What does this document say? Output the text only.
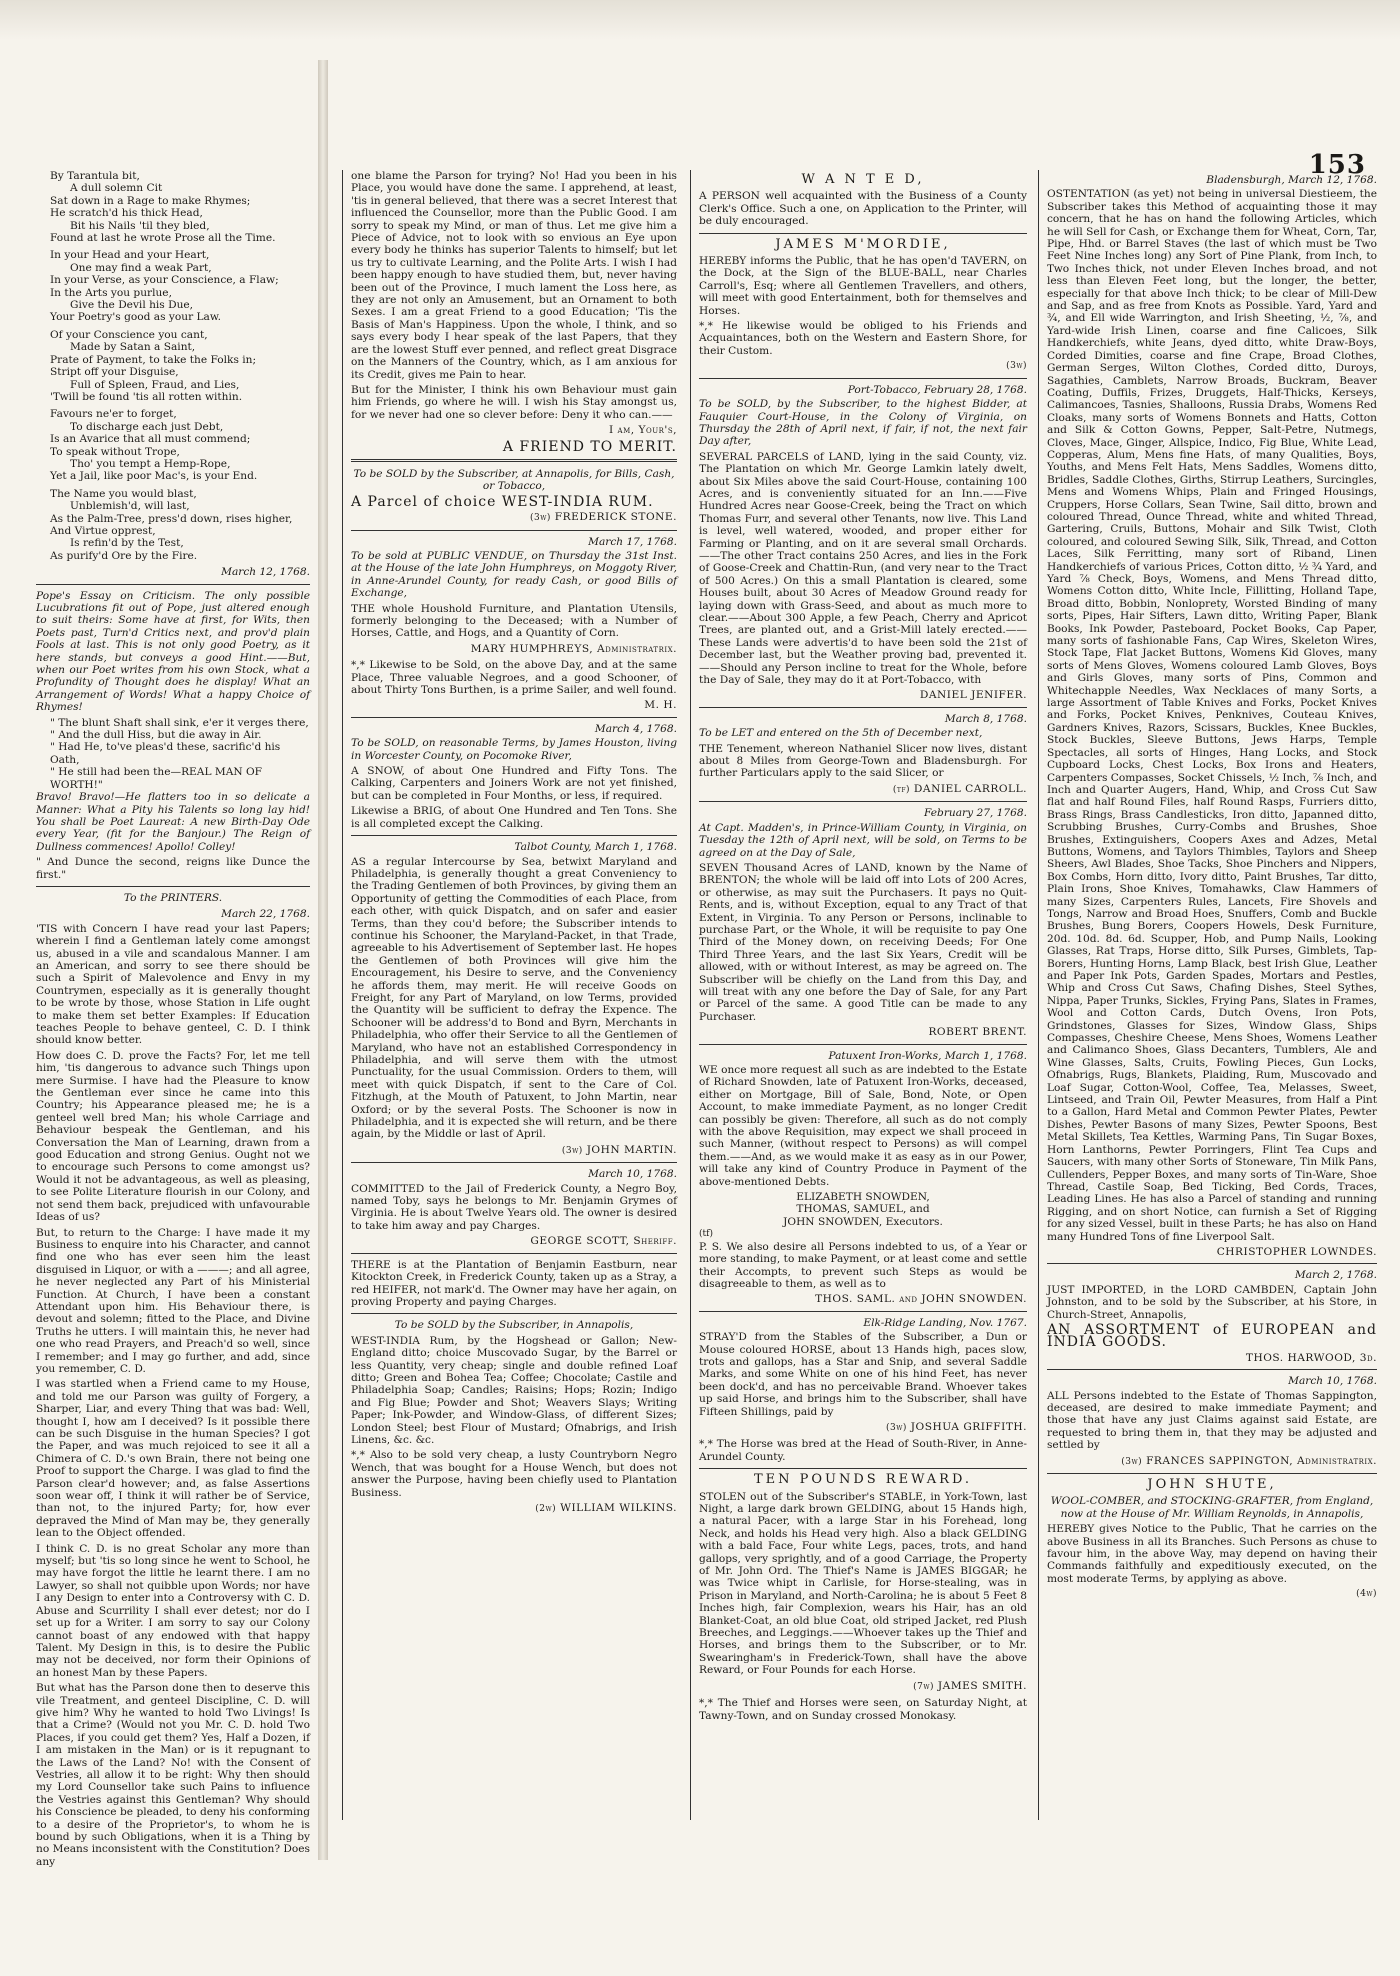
153
By Tarantula bit,
A dull solemn Cit
Sat down in a Rage to make Rhymes;
He scratch'd his thick Head,
Bit his Nails 'til they bled,
Found at last he wrote Prose all the Time.
In your Head and your Heart,
One may find a weak Part,
In your Verse, as your Conscience, a Flaw;
In the Arts you purlue,
Give the Devil his Due,
Your Poetry's good as your Law.
Of your Conscience you cant,
Made by Satan a Saint,
Prate of Payment, to take the Folks in;
Stript off your Disguise,
Full of Spleen, Fraud, and Lies,
'Twill be found 'tis all rotten within.
Favours ne'er to forget,
To discharge each just Debt,
Is an Avarice that all must commend;
To speak without Trope,
Tho' you tempt a Hemp-Rope,
Yet a Jail, like poor Mac's, is your End.
The Name you would blast,
Unblemish'd, will last,
As the Palm-Tree, press'd down, rises higher,
And Virtue opprest,
Is refin'd by the Test,
As purify'd Ore by the Fire.
March 12, 1768.

Pope's Essay on Criticism. The only possible Lucubrations fit out of Pope, just altered enough to suit theirs: Some have at first, for Wits, then Poets past, Turn'd Critics next, and prov'd plain Fools at last. This is not only good Poetry, as it here stands, but conveys a good Hint.——But, when our Poet writes from his own Stock, what a Profundity of Thought does he display! What an Arrangement of Words! What a happy Choice of Rhymes!

" The blunt Shaft shall sink, e'er it verges there,
" And the dull Hiss, but die away in Air.
" Had He, to've pleas'd these, sacrific'd his Oath,
" He still had been the—REAL MAN OF WORTH!"

Bravo! Bravo!—He flatters too in so delicate a Manner: What a Pity his Talents so long lay hid! You shall be Poet Laureat: A new Birth-Day Ode every Year, (fit for the Banjour.) The Reign of Dullness commences! Apollo! Colley!

" And Dunce the second, reigns like Dunce the first."

To the PRINTERS.
March 22, 1768.

'TIS with Concern I have read your last Papers; wherein I find a Gentleman lately come amongst us, abused in a vile and scandalous Manner. I am an American, and sorry to see there should be such a Spirit of Malevolence and Envy in my Countrymen, especially as it is generally thought to be wrote by those, whose Station in Life ought to make them set better Examples: If Education teaches People to behave genteel, C. D. I think should know better.

How does C. D. prove the Facts? For, let me tell him, 'tis dangerous to advance such Things upon mere Surmise. I have had the Pleasure to know the Gentleman ever since he came into this Country; his Appearance pleased me; he is a genteel well bred Man; his whole Carriage and Behaviour bespeak the Gentleman, and his Conversation the Man of Learning, drawn from a good Education and strong Genius. Ought not we to encourage such Persons to come amongst us? Would it not be advantageous, as well as pleasing, to see Polite Literature flourish in our Colony, and not send them back, prejudiced with unfavourable Ideas of us?

But, to return to the Charge: I have made it my Business to enquire into his Character, and cannot find one who has ever seen him the least disguised in Liquor, or with a ———; and all agree, he never neglected any Part of his Ministerial Function. At Church, I have been a constant Attendant upon him. His Behaviour there, is devout and solemn; fitted to the Place, and Divine Truths he utters. I will maintain this, he never had one who read Prayers, and Preach'd so well, since I remember; and I may go further, and add, since you remember, C. D.

I was startled when a Friend came to my House, and told me our Parson was guilty of Forgery, a Sharper, Liar, and every Thing that was bad: Well, thought I, how am I deceived? Is it possible there can be such Disguise in the human Species? I got the Paper, and was much rejoiced to see it all a Chimera of C. D.'s own Brain, there not being one Proof to support the Charge. I was glad to find the Parson clear'd however; and, as false Assertions soon wear off, I think it will rather be of Service, than not, to the injured Party; for, how ever depraved the Mind of Man may be, they generally lean to the Object offended.

I think C. D. is no great Scholar any more than myself; but 'tis so long since he went to School, he may have forgot the little he learnt there. I am no Lawyer, so shall not quibble upon Words; nor have I any Design to enter into a Controversy with C. D. Abuse and Scurrility I shall ever detest; nor do I set up for a Writer. I am sorry to say our Colony cannot boast of any endowed with that happy Talent. My Design in this, is to desire the Public may not be deceived, nor form their Opinions of an honest Man by these Papers.

But what has the Parson done then to deserve this vile Treatment, and genteel Discipline, C. D. will give him? Why he wanted to hold Two Livings! Is that a Crime? (Would not you Mr. C. D. hold Two Places, if you could get them? Yes, Half a Dozen, if I am mistaken in the Man) or is it repugnant to the Laws of the Land? No! with the Consent of Vestries, all allow it to be right: Why then should my Lord Counsellor take such Pains to influence the Vestries against this Gentleman? Why should his Conscience be pleaded, to deny his conforming to a desire of the Proprietor's, to whom he is bound by such Obligations, when it is a Thing by no Means inconsistent with the Constitution? Does any

one blame the Parson for trying? No! Had you been in his Place, you would have done the same. I apprehend, at least, 'tis in general believed, that there was a secret Interest that influenced the Counsellor, more than the Public Good. I am sorry to speak my Mind, or man of thus. Let me give him a Piece of Advice, not to look with so envious an Eye upon every body he thinks has superior Talents to himself; but let us try to cultivate Learning, and the Polite Arts. I wish I had been happy enough to have studied them, but, never having been out of the Province, I much lament the Loss here, as they are not only an Amusement, but an Ornament to both Sexes. I am a great Friend to a good Education; 'Tis the Basis of Man's Happiness. Upon the whole, I think, and so says every body I hear speak of the last Papers, that they are the lowest Stuff ever penned, and reflect great Disgrace on the Manners of the Country, which, as I am anxious for its Credit, gives me Pain to hear.

But for the Minister, I think his own Behaviour must gain him Friends, go where he will. I wish his Stay amongst us, for we never had one so clever before: Deny it who can.——

I am, Your's,
A FRIEND TO MERIT.

To be SOLD by the Subscriber, at Annapolis, for Bills, Cash, or Tobacco,

A Parcel of choice WEST-INDIA RUM.

(3w) FREDERICK STONE.
March 17, 1768.

To be sold at PUBLIC VENDUE, on Thursday the 31st Inst. at the House of the late John Humphreys, on Moggoty River, in Anne-Arundel County, for ready Cash, or good Bills of Exchange,

THE whole Houshold Furniture, and Plantation Utensils, formerly belonging to the Deceased; with a Number of Horses, Cattle, and Hogs, and a Quantity of Corn.

MARY HUMPHREYS, Administratrix.

*,* Likewise to be Sold, on the above Day, and at the same Place, Three valuable Negroes, and a good Schooner, of about Thirty Tons Burthen, is a prime Sailer, and well found.

M. H.
March 4, 1768.

To be SOLD, on reasonable Terms, by James Houston, living in Worcester County, on Pocomoke River,

A SNOW, of about One Hundred and Fifty Tons. The Calking, Carpenters and Joiners Work are not yet finished, but can be completed in Four Months, or less, if required.

Likewise a BRIG, of about One Hundred and Ten Tons. She is all completed except the Calking.

Talbot County, March 1, 1768.

AS a regular Intercourse by Sea, betwixt Maryland and Philadelphia, is generally thought a great Conveniency to the Trading Gentlemen of both Provinces, by giving them an Opportunity of getting the Commodities of each Place, from each other, with quick Dispatch, and on safer and easier Terms, than they cou'd before; the Subscriber intends to continue his Schooner, the Maryland-Packet, in that Trade, agreeable to his Advertisement of September last. He hopes the Gentlemen of both Provinces will give him the Encouragement, his Desire to serve, and the Conveniency he affords them, may merit. He will receive Goods on Freight, for any Part of Maryland, on low Terms, provided the Quantity will be sufficient to defray the Expence. The Schooner will be address'd to Bond and Byrn, Merchants in Philadelphia, who offer their Service to all the Gentlemen of Maryland, who have not an established Correspondency in Philadelphia, and will serve them with the utmost Punctuality, for the usual Commission. Orders to them, will meet with quick Dispatch, if sent to the Care of Col. Fitzhugh, at the Mouth of Patuxent, to John Martin, near Oxford; or by the several Posts. The Schooner is now in Philadelphia, and it is expected she will return, and be there again, by the Middle or last of April.

(3w) JOHN MARTIN.
March 10, 1768.

COMMITTED to the Jail of Frederick County, a Negro Boy, named Toby, says he belongs to Mr. Benjamin Grymes of Virginia. He is about Twelve Years old. The owner is desired to take him away and pay Charges.

GEORGE SCOTT, Sheriff.

THERE is at the Plantation of Benjamin Eastburn, near Kitockton Creek, in Frederick County, taken up as a Stray, a red HEIFER, not mark'd. The Owner may have her again, on proving Property and paying Charges.

To be SOLD by the Subscriber, in Annapolis,

WEST-INDIA Rum, by the Hogshead or Gallon; New-England ditto; choice Muscovado Sugar, by the Barrel or less Quantity, very cheap; single and double refined Loaf ditto; Green and Bohea Tea; Coffee; Chocolate; Castile and Philadelphia Soap; Candles; Raisins; Hops; Rozin; Indigo and Fig Blue; Powder and Shot; Weavers Slays; Writing Paper; Ink-Powder, and Window-Glass, of different Sizes; London Steel; best Flour of Mustard; Ofnabrigs, and Irish Linens, &c. &c.

*,* Also to be sold very cheap, a lusty Countryborn Negro Wench, that was bought for a House Wench, but does not answer the Purpose, having been chiefly used to Plantation Business.

(2w) WILLIAM WILKINS.
W A N T E D,

A PERSON well acquainted with the Business of a County Clerk's Office. Such a one, on Application to the Printer, will be duly encouraged.

JAMES M'MORDIE,

HEREBY informs the Public, that he has open'd TAVERN, on the Dock, at the Sign of the BLUE-BALL, near Charles Carroll's, Esq; where all Gentlemen Travellers, and others, will meet with good Entertainment, both for themselves and Horses.

*,* He likewise would be obliged to his Friends and Acquaintances, both on the Western and Eastern Shore, for their Custom.

(3w)
Port-Tobacco, February 28, 1768.

To be SOLD, by the Subscriber, to the highest Bidder, at Fauquier Court-House, in the Colony of Virginia, on Thursday the 28th of April next, if fair, if not, the next fair Day after,

SEVERAL PARCELS of LAND, lying in the said County, viz. The Plantation on which Mr. George Lamkin lately dwelt, about Six Miles above the said Court-House, containing 100 Acres, and is conveniently situated for an Inn.——Five Hundred Acres near Goose-Creek, being the Tract on which Thomas Furr, and several other Tenants, now live. This Land is level, well watered, wooded, and proper either for Farming or Planting, and on it are several small Orchards.——The other Tract contains 250 Acres, and lies in the Fork of Goose-Creek and Chattin-Run, (and very near to the Tract of 500 Acres.) On this a small Plantation is cleared, some Houses built, about 30 Acres of Meadow Ground ready for laying down with Grass-Seed, and about as much more to clear.——About 300 Apple, a few Peach, Cherry and Apricot Trees, are planted out, and a Grist-Mill lately erected.——These Lands were advertis'd to have been sold the 21st of December last, but the Weather proving bad, prevented it.——Should any Person incline to treat for the Whole, before the Day of Sale, they may do it at Port-Tobacco, with

DANIEL JENIFER.
March 8, 1768.

To be LET and entered on the 5th of December next,

THE Tenement, whereon Nathaniel Slicer now lives, distant about 8 Miles from George-Town and Bladensburgh. For further Particulars apply to the said Slicer, or

(tf) DANIEL CARROLL.
February 27, 1768.

At Capt. Madden's, in Prince-William County, in Virginia, on Tuesday the 12th of April next, will be sold, on Terms to be agreed on at the Day of Sale,

SEVEN Thousand Acres of LAND, known by the Name of BRENTON; the whole will be laid off into Lots of 200 Acres, or otherwise, as may suit the Purchasers. It pays no Quit-Rents, and is, without Exception, equal to any Tract of that Extent, in Virginia. To any Person or Persons, inclinable to purchase Part, or the Whole, it will be requisite to pay One Third of the Money down, on receiving Deeds; For One Third Three Years, and the last Six Years, Credit will be allowed, with or without Interest, as may be agreed on. The Subscriber will be chiefly on the Land from this Day, and will treat with any one before the Day of Sale, for any Part or Parcel of the same. A good Title can be made to any Purchaser.

ROBERT BRENT.
Patuxent Iron-Works, March 1, 1768.

WE once more request all such as are indebted to the Estate of Richard Snowden, late of Patuxent Iron-Works, deceased, either on Mortgage, Bill of Sale, Bond, Note, or Open Account, to make immediate Payment, as no longer Credit can possibly be given: Therefore, all such as do not comply with the above Requisition, may expect we shall proceed in such Manner, (without respect to Persons) as will compel them.——And, as we would make it as easy as in our Power, will take any kind of Country Produce in Payment of the above-mentioned Debts.

ELIZABETH SNOWDEN,
THOMAS, SAMUEL, and
JOHN SNOWDEN, Executors.
(tf)

P. S. We also desire all Persons indebted to us, of a Year or more standing, to make Payment, or at least come and settle their Accompts, to prevent such Steps as would be disagreeable to them, as well as to

THOS. SAML. and JOHN SNOWDEN.
Elk-Ridge Landing, Nov. 1767.

STRAY'D from the Stables of the Subscriber, a Dun or Mouse coloured HORSE, about 13 Hands high, paces slow, trots and gallops, has a Star and Snip, and several Saddle Marks, and some White on one of his hind Feet, has never been dock'd, and has no perceivable Brand. Whoever takes up said Horse, and brings him to the Subscriber, shall have Fifteen Shillings, paid by

(3w) JOSHUA GRIFFITH.

*,* The Horse was bred at the Head of South-River, in Anne-Arundel County.

TEN POUNDS REWARD.

STOLEN out of the Subscriber's STABLE, in York-Town, last Night, a large dark brown GELDING, about 15 Hands high, a natural Pacer, with a large Star in his Forehead, long Neck, and holds his Head very high. Also a black GELDING with a bald Face, Four white Legs, paces, trots, and hand gallops, very sprightly, and of a good Carriage, the Property of Mr. John Ord. The Thief's Name is JAMES BIGGAR; he was Twice whipt in Carlisle, for Horse-stealing, was in Prison in Maryland, and North-Carolina; he is about 5 Feet 8 Inches high, fair Complexion, wears his Hair, has an old Blanket-Coat, an old blue Coat, old striped Jacket, red Plush Breeches, and Leggings.——Whoever takes up the Thief and Horses, and brings them to the Subscriber, or to Mr. Swearingham's in Frederick-Town, shall have the above Reward, or Four Pounds for each Horse.

(7w) JAMES SMITH.

*,* The Thief and Horses were seen, on Saturday Night, at Tawny-Town, and on Sunday crossed Monokasy.

Bladensburgh, March 12, 1768.

OSTENTATION (as yet) not being in universal Diestieem, the Subscriber takes this Method of acquainting those it may concern, that he has on hand the following Articles, which he will Sell for Cash, or Exchange them for Wheat, Corn, Tar, Pipe, Hhd. or Barrel Staves (the last of which must be Two Feet Nine Inches long) any Sort of Pine Plank, from Inch, to Two Inches thick, not under Eleven Inches broad, and not less than Eleven Feet long, but the longer, the better, especially for that above Inch thick; to be clear of Mill-Dew and Sap, and as free from Knots as Possible. Yard, Yard and ¾, and Ell wide Warrington, and Irish Sheeting, ½, ⅞, and Yard-wide Irish Linen, coarse and fine Calicoes, Silk Handkerchiefs, white Jeans, dyed ditto, white Draw-Boys, Corded Dimities, coarse and fine Crape, Broad Clothes, German Serges, Wilton Clothes, Corded ditto, Duroys, Sagathies, Camblets, Narrow Broads, Buckram, Beaver Coating, Duffils, Frizes, Druggets, Half-Thicks, Kerseys, Calimancoes, Tasnies, Shalloons, Russia Drabs, Womens Red Cloaks, many sorts of Womens Bonnets and Hatts, Cotton and Silk & Cotton Gowns, Pepper, Salt-Petre, Nutmegs, Cloves, Mace, Ginger, Allspice, Indico, Fig Blue, White Lead, Copperas, Alum, Mens fine Hats, of many Qualities, Boys, Youths, and Mens Felt Hats, Mens Saddles, Womens ditto, Bridles, Saddle Clothes, Girths, Stirrup Leathers, Surcingles, Mens and Womens Whips, Plain and Fringed Housings, Cruppers, Horse Collars, Sean Twine, Sail ditto, brown and coloured Thread, Ounce Thread, white and whited Thread, Gartering, Cruils, Buttons, Mohair and Silk Twist, Cloth coloured, and coloured Sewing Silk, Silk, Thread, and Cotton Laces, Silk Ferritting, many sort of Riband, Linen Handkerchiefs of various Prices, Cotton ditto, ½ ¾ Yard, and Yard ⅞ Check, Boys, Womens, and Mens Thread ditto, Womens Cotton ditto, White Incle, Fillitting, Holland Tape, Broad ditto, Bobbin, Nonloprety, Worsted Binding of many sorts, Pipes, Hair Sifters, Lawn ditto, Writing Paper, Blank Books, Ink Powder, Pasteboard, Pocket Books, Cap Paper, many sorts of fashionable Fans, Cap Wires, Skeleton Wires, Stock Tape, Flat Jacket Buttons, Womens Kid Gloves, many sorts of Mens Gloves, Womens coloured Lamb Gloves, Boys and Girls Gloves, many sorts of Pins, Common and Whitechapple Needles, Wax Necklaces of many Sorts, a large Assortment of Table Knives and Forks, Pocket Knives and Forks, Pocket Knives, Penknives, Couteau Knives, Gardners Knives, Razors, Scissars, Buckles, Knee Buckles, Stock Buckles, Sleeve Buttons, Jews Harps, Temple Spectacles, all sorts of Hinges, Hang Locks, and Stock Cupboard Locks, Chest Locks, Box Irons and Heaters, Carpenters Compasses, Socket Chissels, ½ Inch, ⅞ Inch, and Inch and Quarter Augers, Hand, Whip, and Cross Cut Saw flat and half Round Files, half Round Rasps, Furriers ditto, Brass Rings, Brass Candlesticks, Iron ditto, Japanned ditto, Scrubbing Brushes, Curry-Combs and Brushes, Shoe Brushes, Extinguishers, Coopers Axes and Adzes, Metal Buttons, Womens, and Taylors Thimbles, Taylors and Sheep Sheers, Awl Blades, Shoe Tacks, Shoe Pinchers and Nippers, Box Combs, Horn ditto, Ivory ditto, Paint Brushes, Tar ditto, Plain Irons, Shoe Knives, Tomahawks, Claw Hammers of many Sizes, Carpenters Rules, Lancets, Fire Shovels and Tongs, Narrow and Broad Hoes, Snuffers, Comb and Buckle Brushes, Bung Borers, Coopers Howels, Desk Furniture, 20d. 10d. 8d. 6d. Scupper, Hob, and Pump Nails, Looking Glasses, Rat Traps, Horse ditto, Silk Purses, Gimblets, Tap-Borers, Hunting Horns, Lamp Black, best Irish Glue, Leather and Paper Ink Pots, Garden Spades, Mortars and Pestles, Whip and Cross Cut Saws, Chafing Dishes, Steel Sythes, Nippa, Paper Trunks, Sickles, Frying Pans, Slates in Frames, Wool and Cotton Cards, Dutch Ovens, Iron Pots, Grindstones, Glasses for Sizes, Window Glass, Ships Compasses, Cheshire Cheese, Mens Shoes, Womens Leather and Calimanco Shoes, Glass Decanters, Tumblers, Ale and Wine Glasses, Salts, Cruits, Fowling Pieces, Gun Locks, Ofnabrigs, Rugs, Blankets, Plaiding, Rum, Muscovado and Loaf Sugar, Cotton-Wool, Coffee, Tea, Melasses, Sweet, Lintseed, and Train Oil, Pewter Measures, from Half a Pint to a Gallon, Hard Metal and Common Pewter Plates, Pewter Dishes, Pewter Basons of many Sizes, Pewter Spoons, Best Metal Skillets, Tea Kettles, Warming Pans, Tin Sugar Boxes, Horn Lanthorns, Pewter Porringers, Flint Tea Cups and Saucers, with many other Sorts of Stoneware, Tin Milk Pans, Cullenders, Pepper Boxes, and many sorts of Tin-Ware, Shoe Thread, Castile Soap, Bed Ticking, Bed Cords, Traces, Leading Lines. He has also a Parcel of standing and running Rigging, and on short Notice, can furnish a Set of Rigging for any sized Vessel, built in these Parts; he has also on Hand many Hundred Tons of fine Liverpool Salt.

CHRISTOPHER LOWNDES.
March 2, 1768.

JUST IMPORTED, in the LORD CAMBDEN, Captain John Johnston, and to be sold by the Subscriber, at his Store, in Church-Street, Annapolis,

AN ASSORTMENT of EUROPEAN and INDIA GOODS.

THOS. HARWOOD, 3d.
March 10, 1768.

ALL Persons indebted to the Estate of Thomas Sappington, deceased, are desired to make immediate Payment; and those that have any just Claims against said Estate, are requested to bring them in, that they may be adjusted and settled by

(3w) FRANCES SAPPINGTON, Administratrix.
JOHN SHUTE,

WOOL-COMBER, and STOCKING-GRAFTER, from England, now at the House of Mr. William Reynolds, in Annapolis,

HEREBY gives Notice to the Public, That he carries on the above Business in all its Branches. Such Persons as chuse to favour him, in the above Way, may depend on having their Commands faithfully and expeditiously executed, on the most moderate Terms, by applying as above.

(4w)
